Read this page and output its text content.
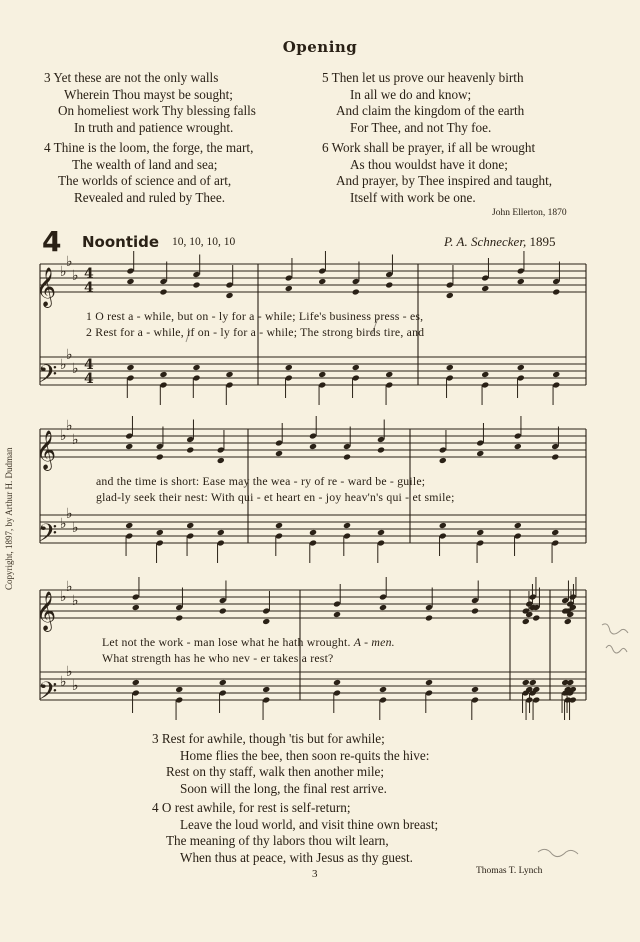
Opening
3 Yet these are not the only walls
Wherein Thou mayst be sought;
On homeliest work Thy blessing falls
In truth and patience wrought.
4 Thine is the loom, the forge, the mart,
The wealth of land and sea;
The worlds of science and of art,
Revealed and ruled by Thee.
5 Then let us prove our heavenly birth
In all we do and know;
And claim the kingdom of the earth
For Thee, and not Thy foe.
6 Work shall be prayer, if all be wrought
As thou wouldst have it done;
And prayer, by Thee inspired and taught,
Itself with work be one.
John Ellerton, 1870
4 Noontide 10, 10, 10, 10	P. A. Schnecker, 1895
Copyright, 1897, by Arthur H. Dudman
𝄞
𝄞
𝄞
𝄢
𝄢
𝄢
♭
♭
♭
♭
♭
♭
♭
♭
♭
♭
♭
♭
♭
♭
♭
♭
♭
♭
4
4
4
4
1 O rest a - while, but on - ly for a - while; Life's business press - es,
2 Rest for a - while, if on - ly for a - while; The strong birds tire, and
and the time is short: Ease may the wea - ry of re - ward be - guile;
glad-ly seek their nest: With qui - et heart en - joy heav'n's qui - et smile;
Let not the work - man lose what he hath wrought. A - men.
What strength has he who nev - er takes a rest?
3 Rest for awhile, though 'tis but for awhile;
Home flies the bee, then soon re-quits the hive:
Rest on thy staff, walk then another mile;
Soon will the long, the final rest arrive.
4 O rest awhile, for rest is self-return;
Leave the loud world, and visit thine own breast;
The meaning of thy labors thou wilt learn,
When thus at peace, with Jesus as thy guest.
Thomas T. Lynch
3
